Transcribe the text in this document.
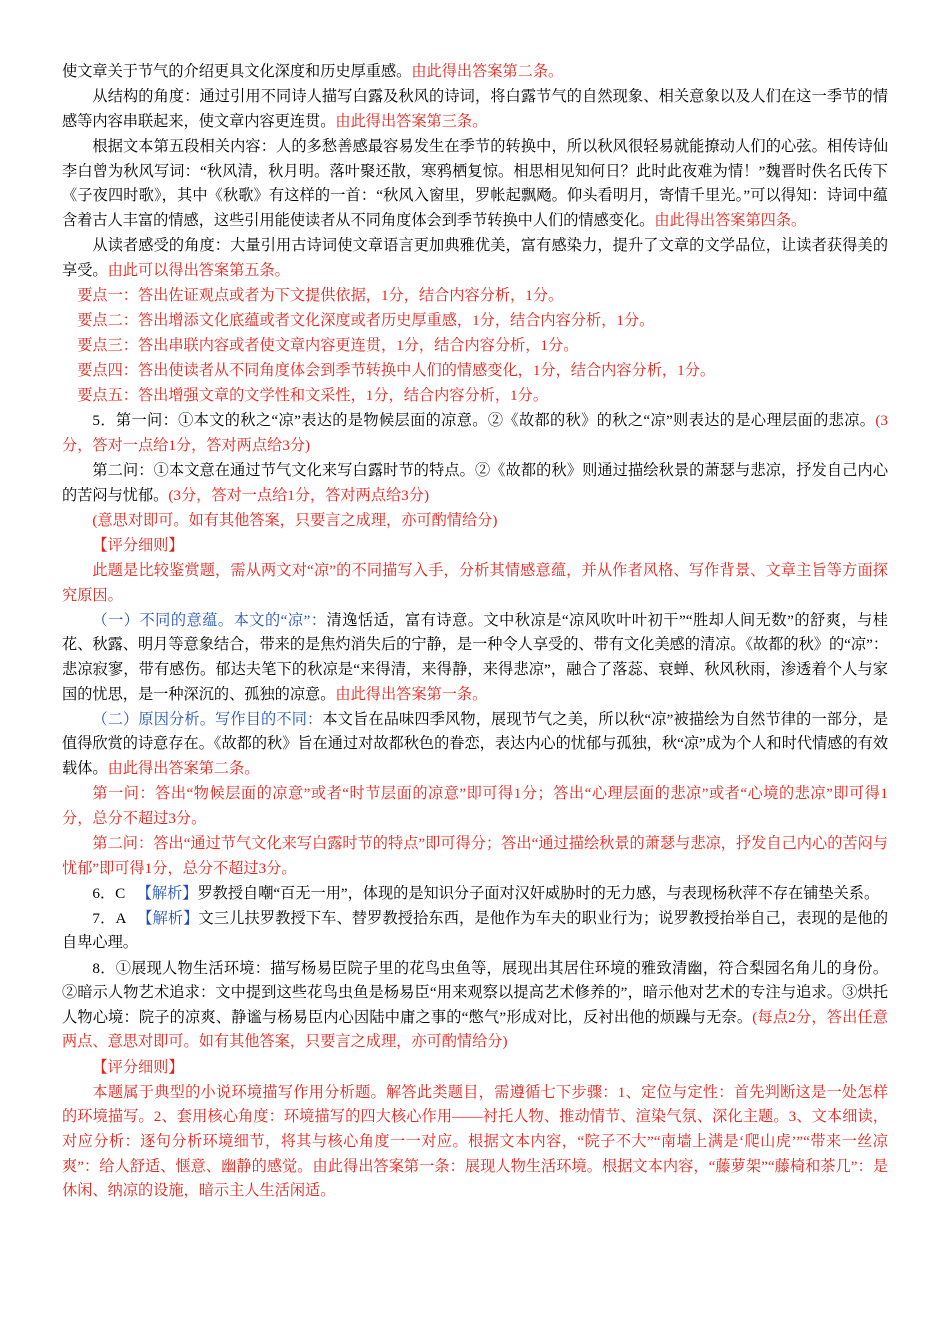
使文章关于节气的介绍更具文化深度和历史厚重感。由此得出答案第二条。

从结构的角度：通过引用不同诗人描写白露及秋风的诗词，将白露节气的自然现象、相关意象以及人们在这一季节的情感等内容串联起来，使文章内容更连贯。由此得出答案第三条。

根据文本第五段相关内容：人的多愁善感最容易发生在季节的转换中，所以秋风很轻易就能撩动人们的心弦。相传诗仙李白曾为秋风写词：“秋风清，秋月明。落叶聚还散，寒鸦栖复惊。相思相见知何日？此时此夜难为情！”魏晋时佚名氏传下《子夜四时歌》，其中《秋歌》有这样的一首：“秋风入窗里，罗帐起飘飏。仰头看明月，寄情千里光。”可以得知：诗词中蕴含着古人丰富的情感，这些引用能使读者从不同角度体会到季节转换中人们的情感变化。由此得出答案第四条。

从读者感受的角度：大量引用古诗词使文章语言更加典雅优美，富有感染力，提升了文章的文学品位，让读者获得美的享受。由此可以得出答案第五条。

要点一：答出佐证观点或者为下文提供依据，1分，结合内容分析，1分。

要点二：答出增添文化底蕴或者文化深度或者历史厚重感，1分，结合内容分析，1分。

要点三：答出串联内容或者使文章内容更连贯，1分，结合内容分析，1分。

要点四：答出使读者从不同角度体会到季节转换中人们的情感变化，1分，结合内容分析，1分。

要点五：答出增强文章的文学性和文采性，1分，结合内容分析，1分。

5．第一问：①本文的秋之“凉”表达的是物候层面的凉意。②《故都的秋》的秋之“凉”则表达的是心理层面的悲凉。(3分，答对一点给1分，答对两点给3分)

第二问：①本文意在通过节气文化来写白露时节的特点。②《故都的秋》则通过描绘秋景的萧瑟与悲凉，抒发自己内心的苦闷与忧郁。(3分，答对一点给1分，答对两点给3分)

(意思对即可。如有其他答案，只要言之成理，亦可酌情给分)

【评分细则】

此题是比较鉴赏题，需从两文对“凉”的不同描写入手，分析其情感意蕴，并从作者风格、写作背景、文章主旨等方面探究原因。

（一）不同的意蕴。本文的“凉”：清逸恬适，富有诗意。文中秋凉是“凉风吹叶叶初干”“胜却人间无数”的舒爽，与桂花、秋露、明月等意象结合，带来的是焦灼消失后的宁静，是一种令人享受的、带有文化美感的清凉。《故都的秋》的“凉”：悲凉寂寥，带有感伤。郁达夫笔下的秋凉是“来得清，来得静，来得悲凉”，融合了落蕊、衰蝉、秋风秋雨，渗透着个人与家国的忧思，是一种深沉的、孤独的凉意。由此得出答案第一条。

（二）原因分析。写作目的不同：本文旨在品味四季风物，展现节气之美，所以秋“凉”被描绘为自然节律的一部分，是值得欣赏的诗意存在。《故都的秋》旨在通过对故都秋色的眷恋，表达内心的忧郁与孤独，秋“凉”成为个人和时代情感的有效载体。由此得出答案第二条。

第一问：答出“物候层面的凉意”或者“时节层面的凉意”即可得1分；答出“心理层面的悲凉”或者“心境的悲凉”即可得1分，总分不超过3分。

第二问：答出“通过节气文化来写白露时节的特点”即可得分；答出“通过描绘秋景的萧瑟与悲凉，抒发自己内心的苦闷与忧郁”即可得1分，总分不超过3分。

6．C 　【解析】罗教授自嘲“百无一用”，体现的是知识分子面对汉奸威胁时的无力感，与表现杨秋萍不存在铺垫关系。

7．A 　【解析】文三儿扶罗教授下车、替罗教授拾东西，是他作为车夫的职业行为；说罗教授抬举自己，表现的是他的自卑心理。

8．①展现人物生活环境：描写杨易臣院子里的花鸟虫鱼等，展现出其居住环境的雅致清幽，符合梨园名角儿的身份。②暗示人物艺术追求：文中提到这些花鸟虫鱼是杨易臣“用来观察以提高艺术修养的”，暗示他对艺术的专注与追求。③烘托人物心境：院子的凉爽、静谧与杨易臣内心因陆中庸之事的“憋气”形成对比，反衬出他的烦躁与无奈。(每点2分，答出任意两点、意思对即可。如有其他答案，只要言之成理，亦可酌情给分)

【评分细则】

本题属于典型的小说环境描写作用分析题。解答此类题目，需遵循七下步骤：1、定位与定性：首先判断这是一处怎样的环境描写。2、套用核心角度：环境描写的四大核心作用——衬托人物、推动情节、渲染气氛、深化主题。3、文本细读，对应分析：逐句分析环境细节，将其与核心角度一一对应。根据文本内容，“院子不大”“南墙上满是‘爬山虎’”“带来一丝凉爽”：给人舒适、惬意、幽静的感觉。由此得出答案第一条：展现人物生活环境。根据文本内容，“藤萝架”“藤椅和茶几”：是休闲、纳凉的设施，暗示主人生活闲适。
